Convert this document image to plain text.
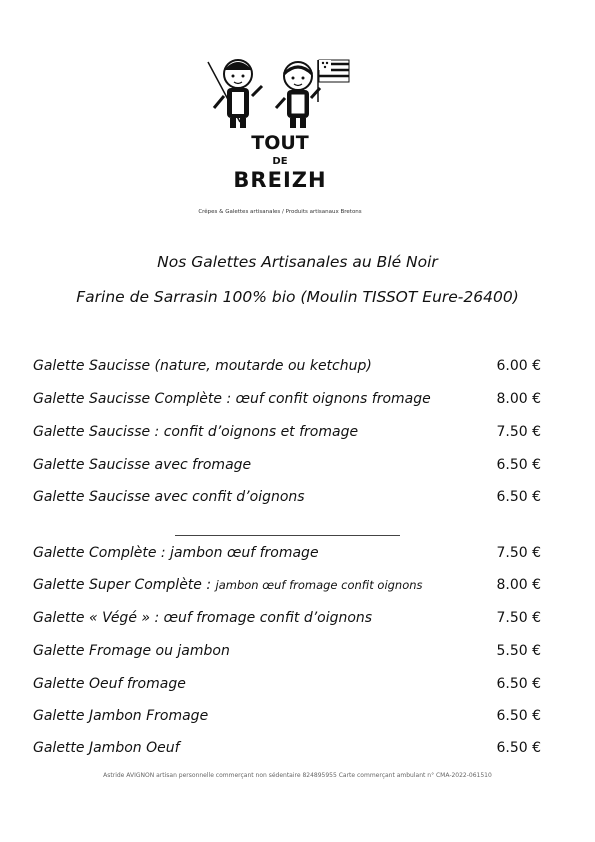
TOUT
DE
BREIZH
Crêpes & Galettes artisanales / Produits artisanaux Bretons
Nos Galettes Artisanales au Blé Noir
Farine de Sarrasin 100% bio (Moulin TISSOT Eure-26400)
Galette Saucisse (nature, moutarde ou ketchup)	6.00 €
Galette Saucisse Complète : œuf confit oignons fromage	8.00 €
Galette Saucisse : confit d’oignons et fromage	7.50 €
Galette Saucisse avec fromage	6.50 €
Galette Saucisse avec confit d’oignons	6.50 €
Galette Complète : jambon œuf fromage	7.50 €
Galette Super Complète : jambon œuf fromage confit oignons	8.00 €
Galette « Végé » : œuf fromage confit d’oignons	7.50 €
Galette Fromage ou jambon	5.50 €
Galette Oeuf fromage	6.50 €
Galette Jambon Fromage	6.50 €
Galette Jambon Oeuf	6.50 €
Astride AVIGNON artisan personnelle commerçant non sédentaire 824895955 Carte commerçant ambulant n° CMA-2022-061510
